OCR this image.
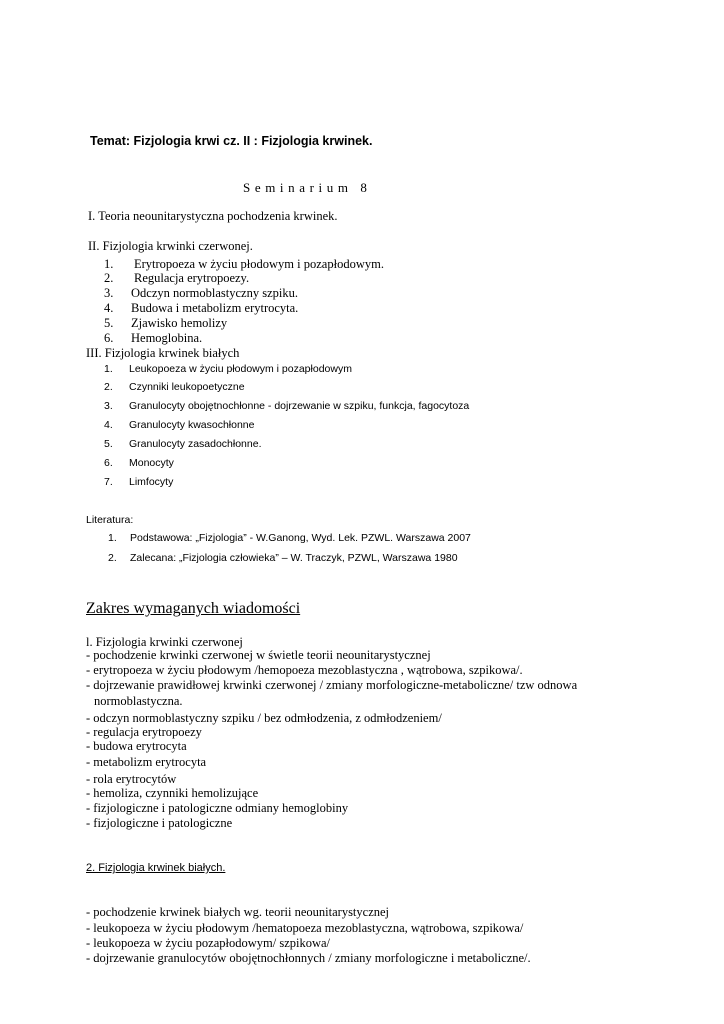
Temat: Fizjologia krwi cz. II : Fizjologia krwinek.
Seminarium 8
I. Teoria neounitarystyczna pochodzenia krwinek.
II. Fizjologia krwinki czerwonej.
1. Erytropoeza w życiu płodowym i pozapłodowym.
2. Regulacja erytropoezy.
3. Odczyn normoblastyczny szpiku.
4. Budowa i metabolizm erytrocyta.
5. Zjawisko hemolizy
6. Hemoglobina.
III. Fizjologia krwinek białych
1. Leukopoeza w życiu płodowym i pozapłodowym
2. Czynniki leukopoetyczne
3. Granulocyty obojętnochłonne - dojrzewanie w szpiku, funkcja, fagocytoza
4. Granulocyty kwasochłonne
5. Granulocyty zasadochłonne.
6. Monocyty
7. Limfocyty
Literatura:
1. Podstawowa: „Fizjologia” - W.Ganong, Wyd. Lek. PZWL. Warszawa 2007
2. Zalecana: „Fizjologia człowieka” – W. Traczyk, PZWL, Warszawa 1980
Zakres wymaganych wiadomości
l. Fizjologia krwinki czerwonej
- pochodzenie krwinki czerwonej w świetle teorii neounitarystycznej
- erytropoeza w życiu płodowym /hemopoeza mezoblastyczna , wątrobowa, szpikowa/.
- dojrzewanie prawidłowej krwinki czerwonej / zmiany morfologiczne-metaboliczne/ tzw odnowa
normoblastyczna.
- odczyn normoblastyczny szpiku / bez odmłodzenia, z odmłodzeniem/
- regulacja erytropoezy
- budowa erytrocyta
- metabolizm erytrocyta
- rola erytrocytów
- hemoliza, czynniki hemolizujące
- fizjologiczne i patologiczne odmiany hemoglobiny
- fizjologiczne i patologiczne
2. Fizjologia krwinek białych.
- pochodzenie krwinek białych wg. teorii neounitarystycznej
- leukopoeza w życiu płodowym /hematopoeza mezoblastyczna, wątrobowa, szpikowa/
- leukopoeza w życiu pozapłodowym/ szpikowa/
- dojrzewanie granulocytów obojętnochłonnych / zmiany morfologiczne i metaboliczne/.
